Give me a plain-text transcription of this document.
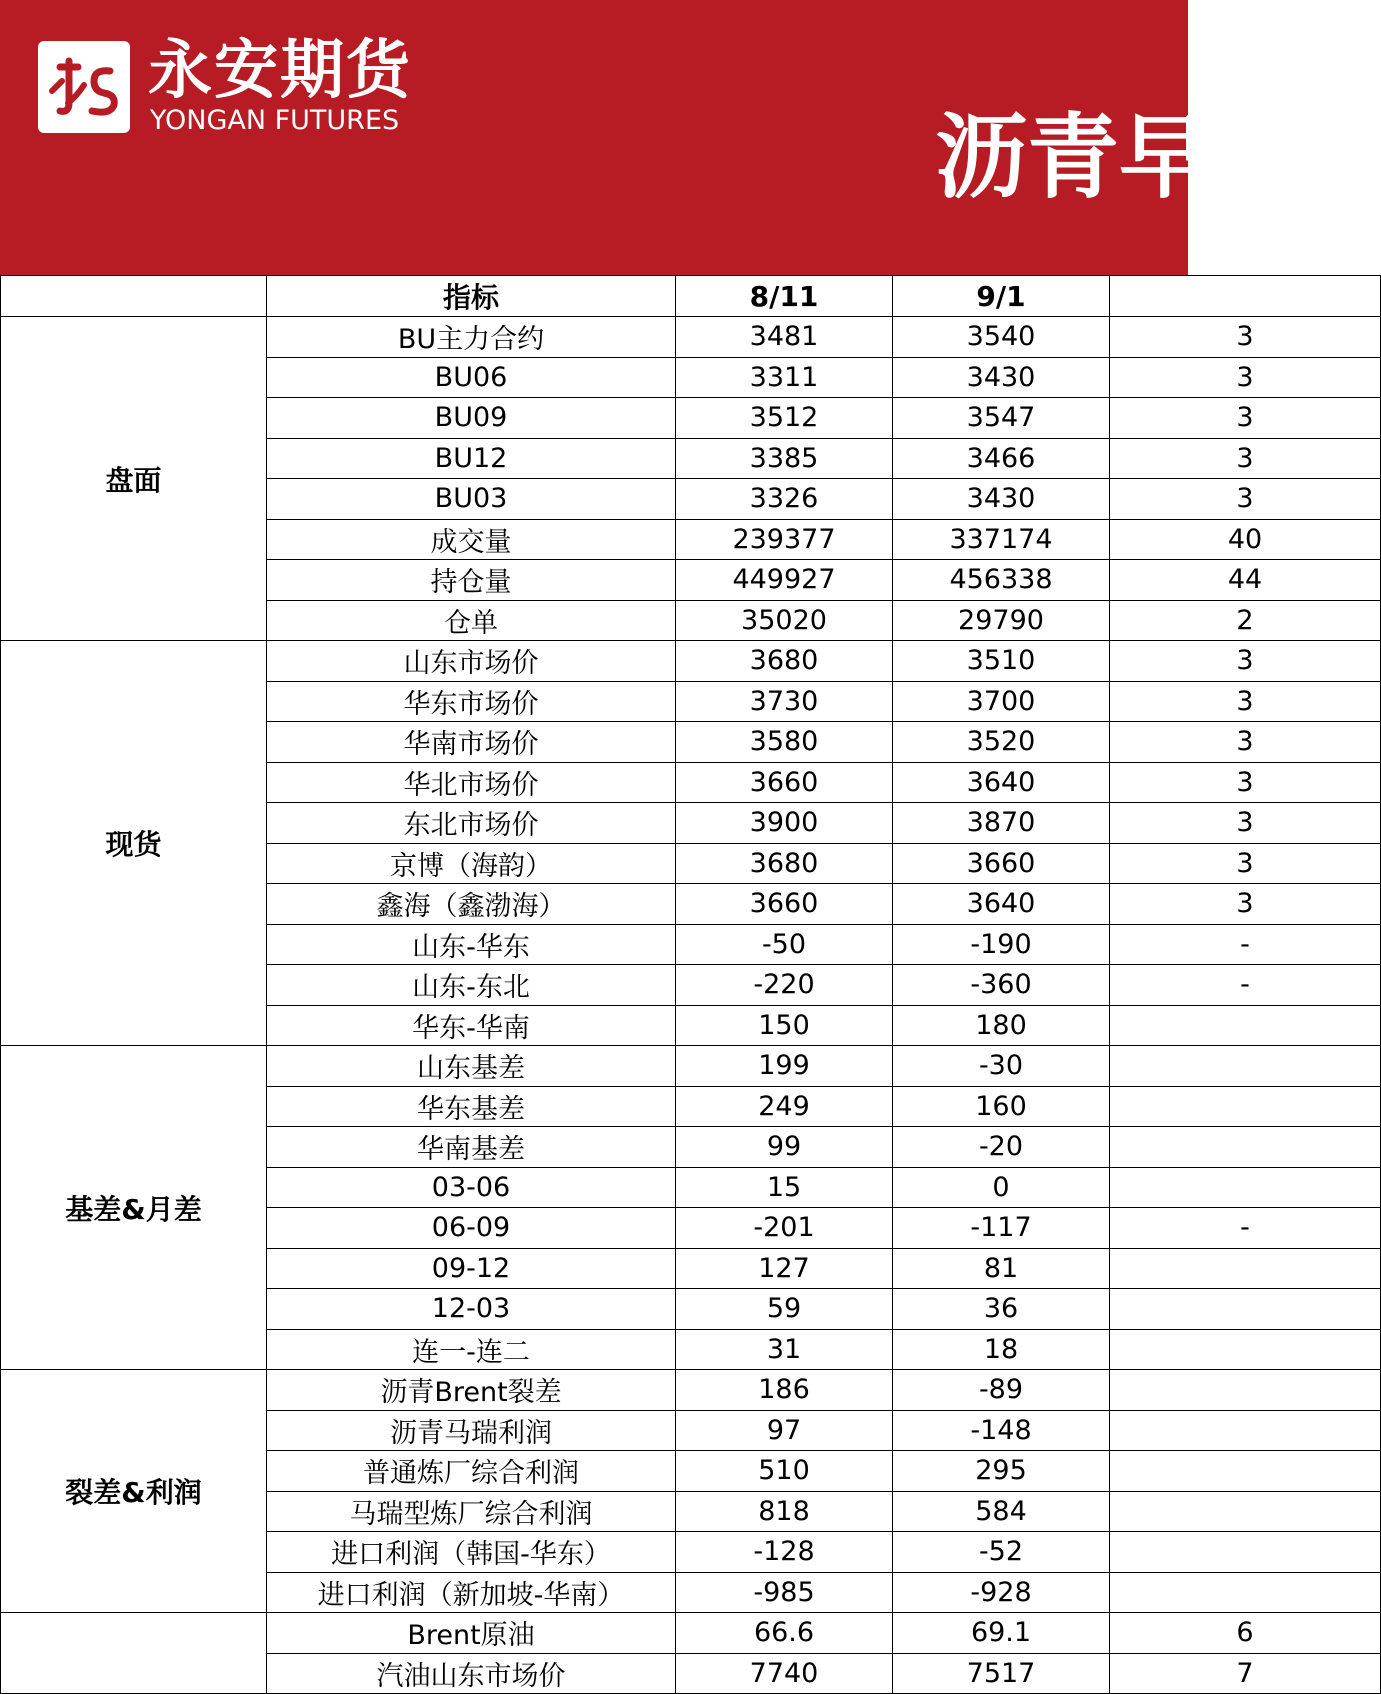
永安期货
YONGAN FUTURES	沥青早报
	指标	8/11	9/1	
盘面	BU主力合约	3481	3540	3
	BU06	3311	3430	3
	BU09	3512	3547	3
	BU12	3385	3466	3
	BU03	3326	3430	3
	成交量	239377	337174	40
	持仓量	449927	456338	44
	仓单	35020	29790	2
现货	山东市场价	3680	3510	3
	华东市场价	3730	3700	3
	华南市场价	3580	3520	3
	华北市场价	3660	3640	3
	东北市场价	3900	3870	3
	京博（海韵）	3680	3660	3
	鑫海（鑫渤海）	3660	3640	3
	山东-华东	-50	-190	-
	山东-东北	-220	-360	-
	华东-华南	150	180	
基差&月差	山东基差	199	-30	
	华东基差	249	160	
	华南基差	99	-20	
	03-06	15	0	
	06-09	-201	-117	-
	09-12	127	81	
	12-03	59	36	
	连一-连二	31	18	
裂差&利润	沥青Brent裂差	186	-89	
	沥青马瑞利润	97	-148	
	普通炼厂综合利润	510	295	
	马瑞型炼厂综合利润	818	584	
	进口利润（韩国-华东）	-128	-52	
	进口利润（新加坡-华南）	-985	-928	
	Brent原油	66.6	69.1	6
	汽油山东市场价	7740	7517	7
